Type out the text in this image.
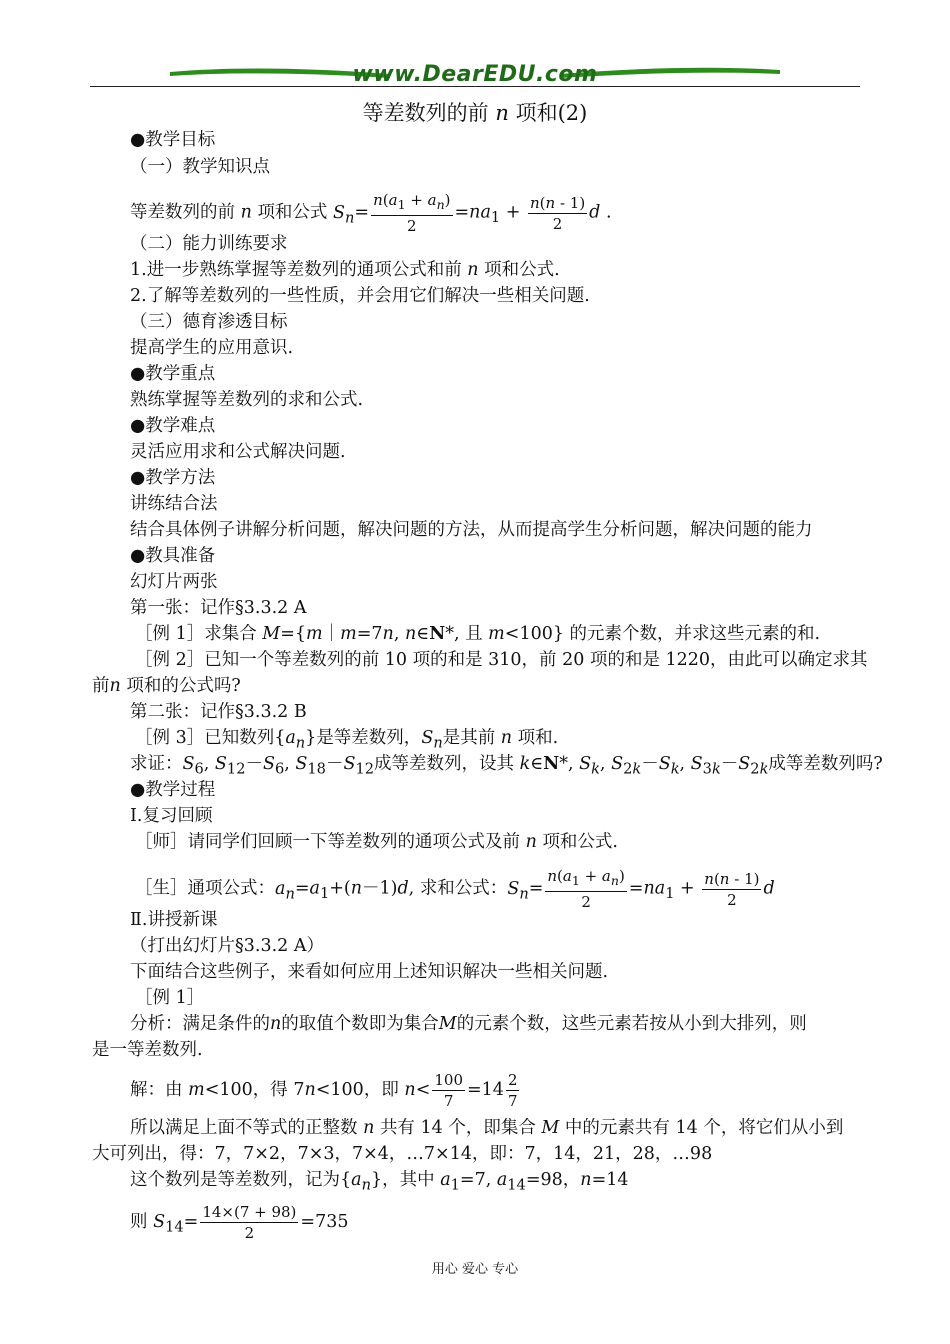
www.DearEDU.com
等差数列的前 n 项和(2)
●教学目标
（一）教学知识点
等差数列的前 n 项和公式 $S_n= \frac{n(a_1 + a_n)}{2} =na_1 + \frac{n(n - 1)}{2}$ d .
（二）能力训练要求
1.进一步熟练掌握等差数列的通项公式和前 n 项和公式.
2.了解等差数列的一些性质，并会用它们解决一些相关问题.
（三）德育渗透目标
提高学生的应用意识.
●教学重点
熟练掌握等差数列的求和公式.
●教学难点
灵活应用求和公式解决问题.
●教学方法
讲练结合法
结合具体例子讲解分析问题，解决问题的方法，从而提高学生分析问题，解决问题的能力
●教具准备
幻灯片两张
第一张：记作§3.3.2 A
［例 1］求集合 M={m｜m=7n, n∈N*, 且 m<100} 的元素个数，并求这些元素的和.
［例 2］已知一个等差数列的前 10 项的和是 310，前 20 项的和是 1220，由此可以确定求其
前n 项和的公式吗?
第二张：记作§3.3.2 B
［例 3］已知数列$\{a_n\}$是等差数列，$S_n$是其前 n 项和.
求证：$S_6$, $S_{12}-S_6$, $S_{18}-S_{12}$成等差数列，设其 k∈N*, $S_k$, $S_{2k}-S_k$, $S_{3k}-S_{2k}$成等差数列吗?
●教学过程
Ⅰ.复习回顾
［师］请同学们回顾一下等差数列的通项公式及前 n 项和公式.
［生］通项公式：$a_n=a_1+(n-1)d$, 求和公式：$S_n= \frac{n(a_1 + a_n)}{2} =na_1 + \frac{n(n - 1)}{2}$ d
Ⅱ.讲授新课
（打出幻灯片§3.3.2 A）
下面结合这些例子，来看如何应用上述知识解决一些相关问题.
［例 1］
分析：满足条件的n的取值个数即为集合M的元素个数，这些元素若按从小到大排列，则
是一等差数列.
解：由 m<100，得 7n<100，即 $n< \frac{100}{7} =14 \frac{2}{7}$
所以满足上面不等式的正整数 n 共有 14 个，即集合 M 中的元素共有 14 个，将它们从小到
大可列出，得：7，7×2，7×3，7×4，…7×14，即：7，14，21，28，…98
这个数列是等差数列，记为$\{a_n\}$，其中 $a_1=7$, $a_{14}=98$，n=14
则 $S_{14}= \frac{14\times(7 + 98)}{2} =735$
用心 爱心 专心
